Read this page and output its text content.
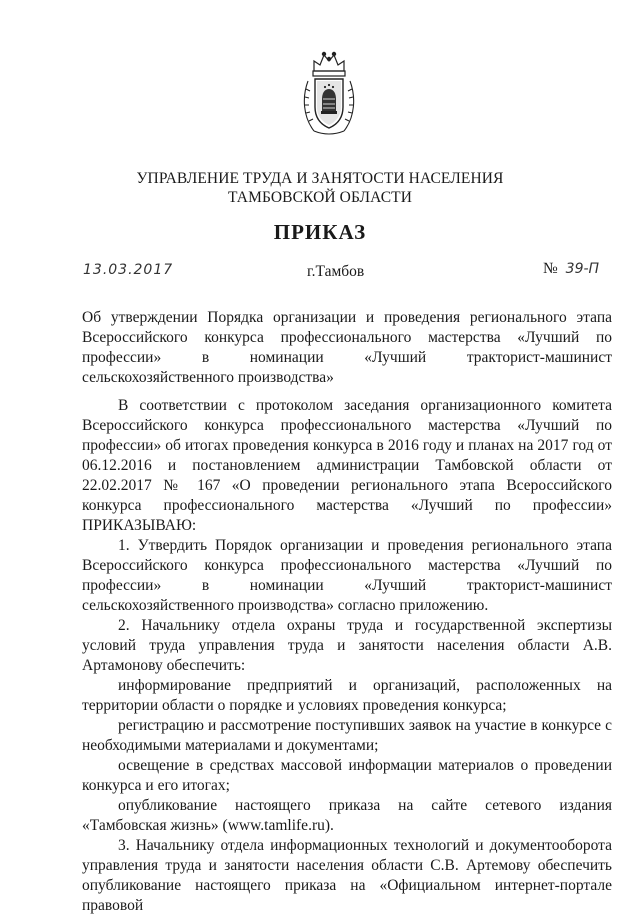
УПРАВЛЕНИЕ ТРУДА И ЗАНЯТОСТИ НАСЕЛЕНИЯ
ТАМБОВСКОЙ ОБЛАСТИ
ПРИКАЗ
13.03.2017	г.Тамбов	№ 39-П

Об утверждении Порядка организации и проведения регионального этапа Всероссийского конкурса профессионального мастерства «Лучший по профессии» в номинации «Лучший тракторист-машинист сельскохозяйственного производства»

В соответствии с протоколом заседания организационного комитета Всероссийского конкурса профессионального мастерства «Лучший по профессии» об итогах проведения конкурса в 2016 году и планах на 2017 год от 06.12.2016 и постановлением администрации Тамбовской области от 22.02.2017 № 167 «О проведении регионального этапа Всероссийского конкурса профессионального мастерства «Лучший по профессии» ПРИКАЗЫВАЮ:

1. Утвердить Порядок организации и проведения регионального этапа Всероссийского конкурса профессионального мастерства «Лучший по профессии» в номинации «Лучший тракторист-машинист сельскохозяйственного производства» согласно приложению.

2. Начальнику отдела охраны труда и государственной экспертизы условий труда управления труда и занятости населения области А.В. Артамонову обеспечить:

информирование предприятий и организаций, расположенных на территории области о порядке и условиях проведения конкурса;

регистрацию и рассмотрение поступивших заявок на участие в конкурсе с необходимыми материалами и документами;

освещение в средствах массовой информации материалов о проведении конкурса и его итогах;

опубликование настоящего приказа на сайте сетевого издания «Тамбовская жизнь» (www.tamlife.ru).

3. Начальнику отдела информационных технологий и документооборота управления труда и занятости населения области С.В. Артемову обеспечить опубликование настоящего приказа на «Официальном интернет-портале правовой
